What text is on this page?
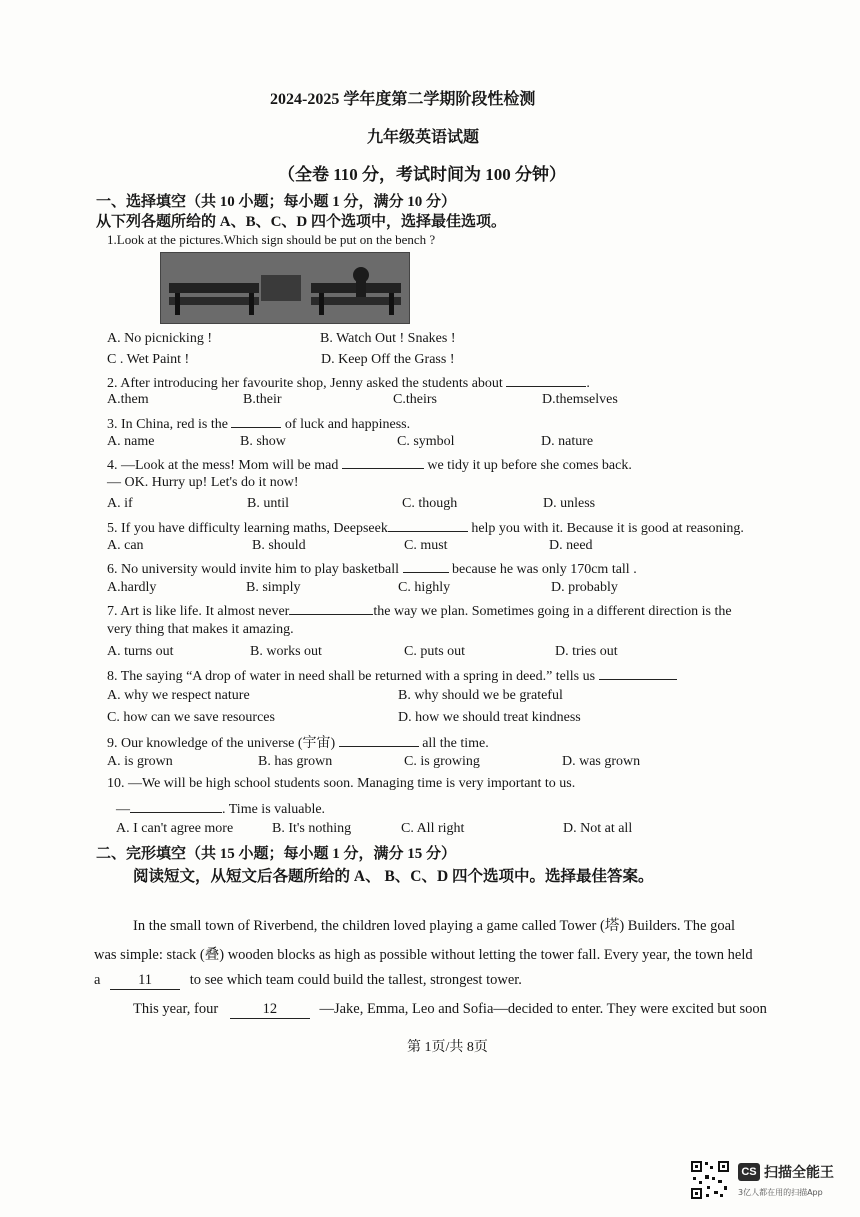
2024-2025 学年度第二学期阶段性检测
九年级英语试题
（全卷 110 分，考试时间为 100 分钟）
一、选择填空（共 10 小题；每小题 1 分，满分 10 分）
从下列各题所给的 A、B、C、D 四个选项中，选择最佳选项。
1.Look at the pictures.Which sign should be put on the bench ?
A. No picnicking !	B. Watch Out ! Snakes !
C . Wet Paint !	D. Keep Off the Grass !
2. After introducing her favourite shop, Jenny asked the students about	.
A.them	B.their	C.theirs	D.themselves
3. In China, red is the	of luck and happiness.
A. name	B. show	C. symbol	D. nature
4. —Look at the mess! Mom will be mad	we tidy it up before she comes back.
— OK. Hurry up! Let's do it now!
A. if	B. until	C. though	D. unless
5. If you have difficulty learning maths, Deepseek	help you with it. Because it is good at reasoning.
A. can	B. should	C. must	D. need
6. No university would invite him to play basketball	because he was only 170cm tall .
A.hardly	B. simply	C. highly	D. probably
7. Art is like life. It almost never	the way we plan. Sometimes going in a different direction is the
very thing that makes it amazing.
A. turns out	B. works out	C. puts out	D. tries out
8. The saying “A drop of water in need shall be returned with a spring in deed.” tells us
A. why we respect nature	B. why should we be grateful
C. how can we save resources	D. how we should treat kindness
9. Our knowledge of the universe (宇宙)	all the time.
A. is grown	B. has grown	C. is growing	D. was grown
10. —We will be high school students soon. Managing time is very important to us.
—	. Time is valuable.
A. I can't agree more	B. It's nothing	C. All right	D. Not at all
二、完形填空（共 15 小题；每小题 1 分，满分 15 分）
阅读短文，从短文后各题所给的 A、 B、C、D 四个选项中。选择最佳答案。
In the small town of Riverbend, the children loved playing a game called Tower (塔) Builders. The goal
was simple: stack (叠) wooden blocks as high as possible without letting the tower fall. Every year, the town held
a	11	to see which team could build the tallest, strongest tower.
This year, four	12	—Jake, Emma, Leo and Sofia—decided to enter. They were excited but soon
第 1页/共 8页
CS 扫描全能王
3亿人都在用的扫描App
